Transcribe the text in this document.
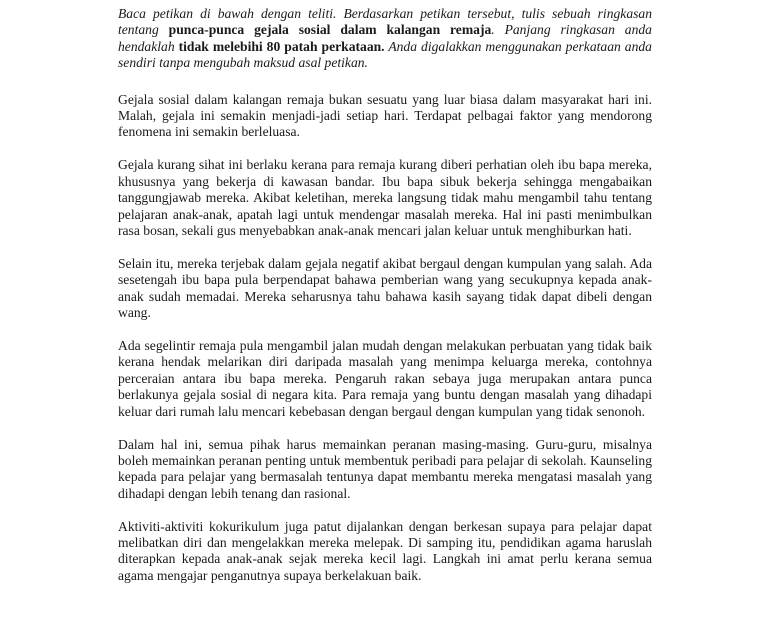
Baca petikan di bawah dengan teliti. Berdasarkan petikan tersebut, tulis sebuah ringkasan tentang punca-punca gejala sosial dalam kalangan remaja. Panjang ringkasan anda hendaklah tidak melebihi 80 patah perkataan. Anda digalakkan menggunakan perkataan anda sendiri tanpa mengubah maksud asal petikan.

Gejala sosial dalam kalangan remaja bukan sesuatu yang luar biasa dalam masyarakat hari ini. Malah, gejala ini semakin menjadi-jadi setiap hari. Terdapat pelbagai faktor yang mendorong fenomena ini semakin berleluasa.

Gejala kurang sihat ini berlaku kerana para remaja kurang diberi perhatian oleh ibu bapa mereka, khususnya yang bekerja di kawasan bandar. Ibu bapa sibuk bekerja sehingga mengabaikan tanggungjawab mereka. Akibat keletihan, mereka langsung tidak mahu mengambil tahu tentang pelajaran anak-anak, apatah lagi untuk mendengar masalah mereka. Hal ini pasti menimbulkan rasa bosan, sekali gus menyebabkan anak-anak mencari jalan keluar untuk menghiburkan hati.

Selain itu, mereka terjebak dalam gejala negatif akibat bergaul dengan kumpulan yang salah. Ada sesetengah ibu bapa pula berpendapat bahawa pemberian wang yang secukupnya kepada anak-anak sudah memadai. Mereka seharusnya tahu bahawa kasih sayang tidak dapat dibeli dengan wang.

Ada segelintir remaja pula mengambil jalan mudah dengan melakukan perbuatan yang tidak baik kerana hendak melarikan diri daripada masalah yang menimpa keluarga mereka, contohnya perceraian antara ibu bapa mereka. Pengaruh rakan sebaya juga merupakan antara punca berlakunya gejala sosial di negara kita. Para remaja yang buntu dengan masalah yang dihadapi keluar dari rumah lalu mencari kebebasan dengan bergaul dengan kumpulan yang tidak senonoh.

Dalam hal ini, semua pihak harus memainkan peranan masing-masing. Guru-guru, misalnya boleh memainkan peranan penting untuk membentuk peribadi para pelajar di sekolah. Kaunseling kepada para pelajar yang bermasalah tentunya dapat membantu mereka mengatasi masalah yang dihadapi dengan lebih tenang dan rasional.

Aktiviti-aktiviti kokurikulum juga patut dijalankan dengan berkesan supaya para pelajar dapat melibatkan diri dan mengelakkan mereka melepak. Di samping itu, pendidikan agama haruslah diterapkan kepada anak-anak sejak mereka kecil lagi. Langkah ini amat perlu kerana semua agama mengajar penganutnya supaya berkelakuan baik.
